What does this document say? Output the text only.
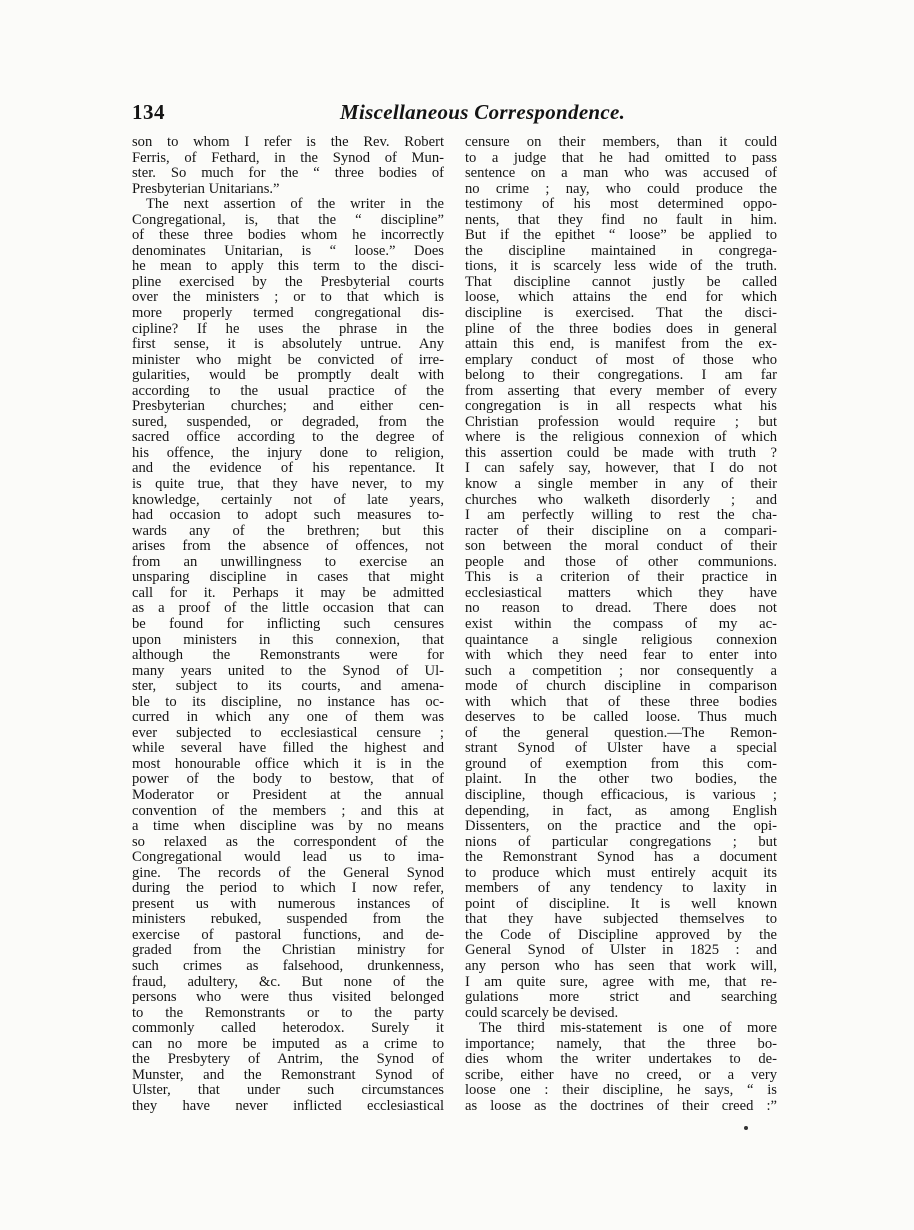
134	Miscellaneous Correspondence.
son to whom I refer is the Rev. Robert
Ferris, of Fethard, in the Synod of Mun-
ster. So much for the “ three bodies of
Presbyterian Unitarians.”
The next assertion of the writer in the
Congregational, is, that the “ discipline”
of these three bodies whom he incorrectly
denominates Unitarian, is “ loose.” Does
he mean to apply this term to the disci-
pline exercised by the Presbyterial courts
over the ministers ; or to that which is
more properly termed congregational dis-
cipline? If he uses the phrase in the
first sense, it is absolutely untrue. Any
minister who might be convicted of irre-
gularities, would be promptly dealt with
according to the usual practice of the
Presbyterian churches; and either cen-
sured, suspended, or degraded, from the
sacred office according to the degree of
his offence, the injury done to religion,
and the evidence of his repentance. It
is quite true, that they have never, to my
knowledge, certainly not of late years,
had occasion to adopt such measures to-
wards any of the brethren; but this
arises from the absence of offences, not
from an unwillingness to exercise an
unsparing discipline in cases that might
call for it. Perhaps it may be admitted
as a proof of the little occasion that can
be found for inflicting such censures
upon ministers in this connexion, that
although the Remonstrants were for
many years united to the Synod of Ul-
ster, subject to its courts, and amena-
ble to its discipline, no instance has oc-
curred in which any one of them was
ever subjected to ecclesiastical censure ;
while several have filled the highest and
most honourable office which it is in the
power of the body to bestow, that of
Moderator or President at the annual
convention of the members ; and this at
a time when discipline was by no means
so relaxed as the correspondent of the
Congregational would lead us to ima-
gine. The records of the General Synod
during the period to which I now refer,
present us with numerous instances of
ministers rebuked, suspended from the
exercise of pastoral functions, and de-
graded from the Christian ministry for
such crimes as falsehood, drunkenness,
fraud, adultery, &c. But none of the
persons who were thus visited belonged
to the Remonstrants or to the party
commonly called heterodox. Surely it
can no more be imputed as a crime to
the Presbytery of Antrim, the Synod of
Munster, and the Remonstrant Synod of
Ulster, that under such circumstances
they have never inflicted ecclesiastical
censure on their members, than it could
to a judge that he had omitted to pass
sentence on a man who was accused of
no crime ; nay, who could produce the
testimony of his most determined oppo-
nents, that they find no fault in him.
But if the epithet “ loose” be applied to
the discipline maintained in congrega-
tions, it is scarcely less wide of the truth.
That discipline cannot justly be called
loose, which attains the end for which
discipline is exercised. That the disci-
pline of the three bodies does in general
attain this end, is manifest from the ex-
emplary conduct of most of those who
belong to their congregations. I am far
from asserting that every member of every
congregation is in all respects what his
Christian profession would require ; but
where is the religious connexion of which
this assertion could be made with truth ?
I can safely say, however, that I do not
know a single member in any of their
churches who walketh disorderly ; and
I am perfectly willing to rest the cha-
racter of their discipline on a compari-
son between the moral conduct of their
people and those of other communions.
This is a criterion of their practice in
ecclesiastical matters which they have
no reason to dread. There does not
exist within the compass of my ac-
quaintance a single religious connexion
with which they need fear to enter into
such a competition ; nor consequently a
mode of church discipline in comparison
with which that of these three bodies
deserves to be called loose. Thus much
of the general question.—The Remon-
strant Synod of Ulster have a special
ground of exemption from this com-
plaint. In the other two bodies, the
discipline, though efficacious, is various ;
depending, in fact, as among English
Dissenters, on the practice and the opi-
nions of particular congregations ; but
the Remonstrant Synod has a document
to produce which must entirely acquit its
members of any tendency to laxity in
point of discipline. It is well known
that they have subjected themselves to
the Code of Discipline approved by the
General Synod of Ulster in 1825 : and
any person who has seen that work will,
I am quite sure, agree with me, that re-
gulations more strict and searching
could scarcely be devised.
The third mis-statement is one of more
importance; namely, that the three bo-
dies whom the writer undertakes to de-
scribe, either have no creed, or a very
loose one : their discipline, he says, “ is
as loose as the doctrines of their creed :”
